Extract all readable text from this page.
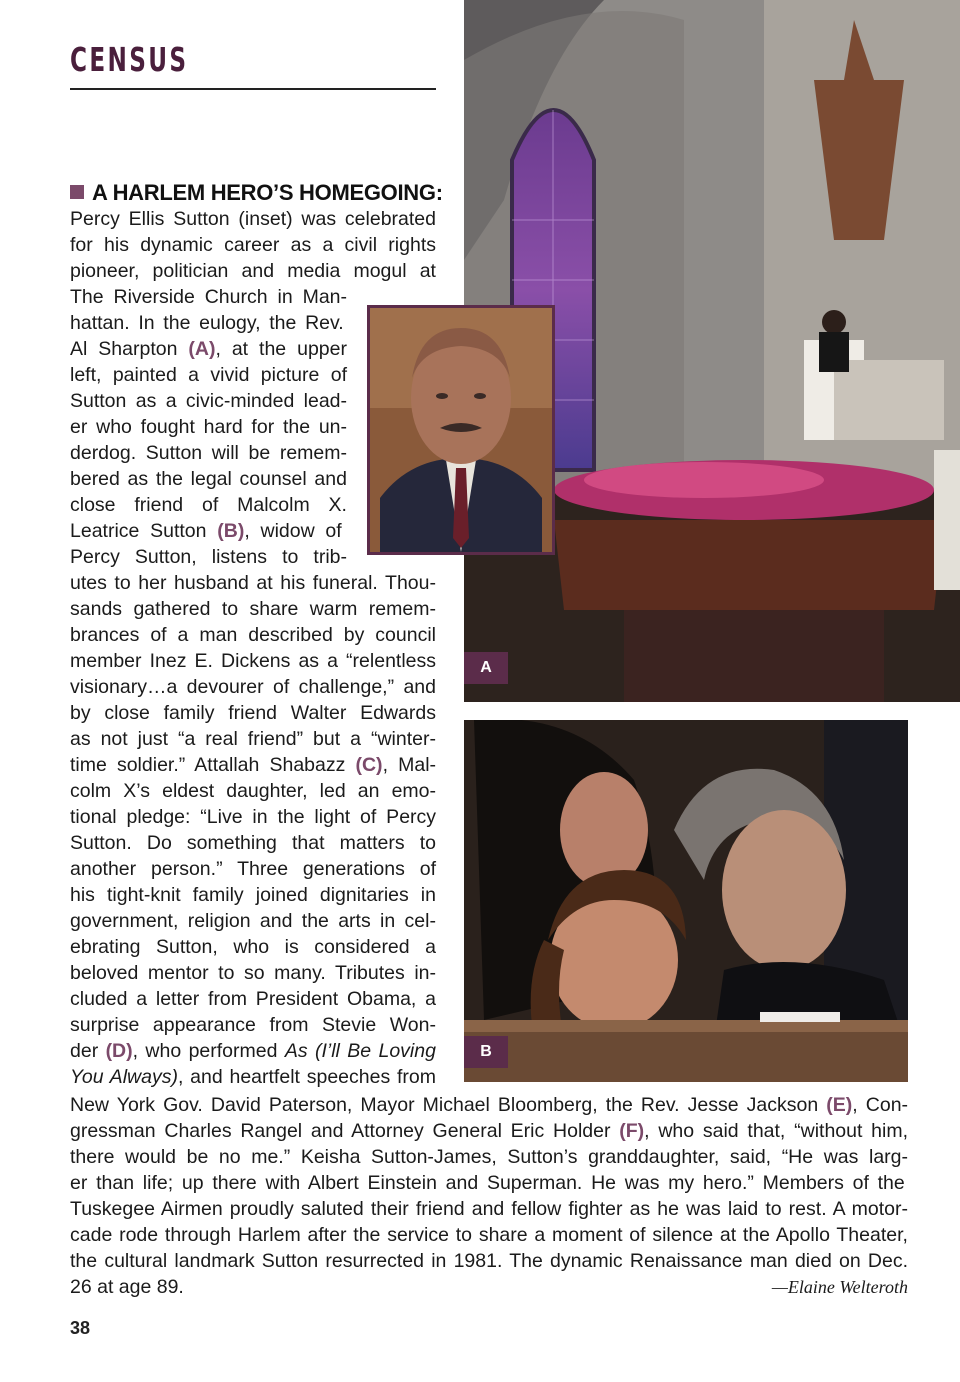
CENSUS
A HARLEM HERO’S HOMEGOING:
Percy Ellis Sutton (inset) was celebrated
for his dynamic career as a civil rights
pioneer, politician and media mogul at
The Riverside Church in Man-
hattan. In the eulogy, the Rev.
Al Sharpton (A), at the upper
left, painted a vivid picture of
Sutton as a civic-minded lead-
er who fought hard for the un-
derdog. Sutton will be remem-
bered as the legal counsel and
close friend of Malcolm X.
Leatrice Sutton (B), widow of
Percy Sutton, listens to trib-
utes to her husband at his funeral. Thou-
sands gathered to share warm remem-
brances of a man described by council
member Inez E. Dickens as a “relentless
visionary…a devourer of challenge,” and
by close family friend Walter Edwards
as not just “a real friend” but a “winter-
time soldier.” Attallah Shabazz (C), Mal-
colm X’s eldest daughter, led an emo-
tional pledge: “Live in the light of Percy
Sutton. Do something that matters to
another person.” Three generations of
his tight-knit family joined dignitaries in
government, religion and the arts in cel-
ebrating Sutton, who is considered a
beloved mentor to so many. Tributes in-
cluded a letter from President Obama, a
surprise appearance from Stevie Won-
der (D), who performed As (I’ll Be Loving
You Always), and heartfelt speeches from
A
B
New York Gov. David Paterson, Mayor Michael Bloomberg, the Rev. Jesse Jackson (E), Con-
gressman Charles Rangel and Attorney General Eric Holder (F), who said that, “without him,
there would be no me.” Keisha Sutton-James, Sutton’s granddaughter, said, “He was larg-
er than life; up there with Albert Einstein and Superman. He was my hero.” Members of the
Tuskegee Airmen proudly saluted their friend and fellow fighter as he was laid to rest. A motor-
cade rode through Harlem after the service to share a moment of silence at the Apollo Theater,
the cultural landmark Sutton resurrected in 1981. The dynamic Renaissance man died on Dec.
26 at age 89.	—Elaine Welteroth
38
